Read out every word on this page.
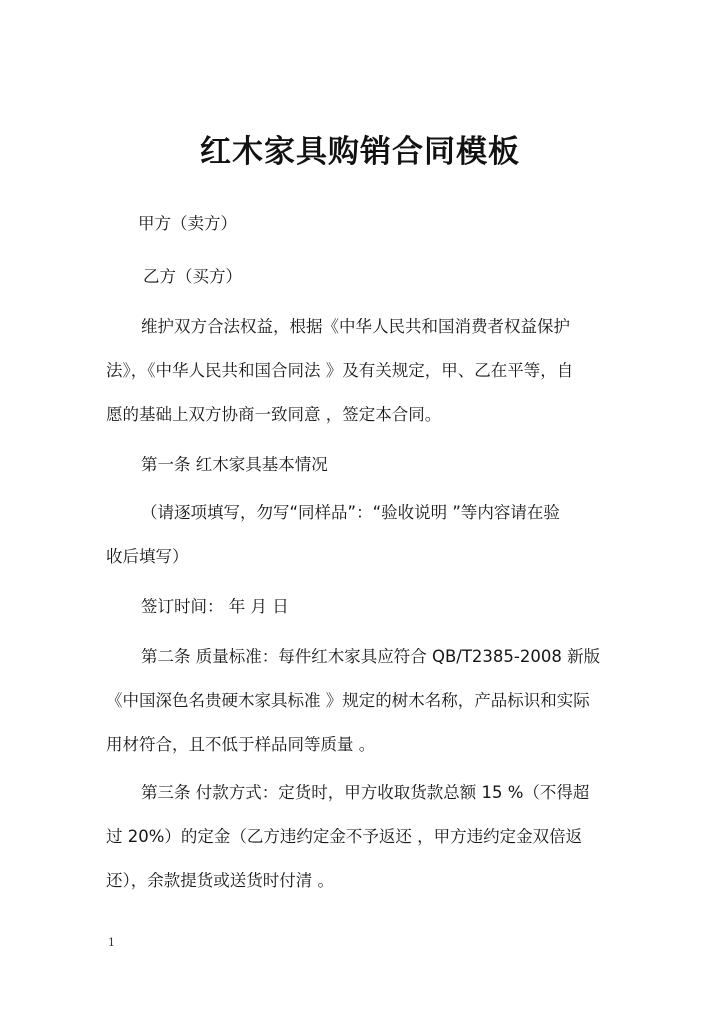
红木家具购销合同模板
甲方（卖方）
乙方（买方）
维护双方合法权益，根据《中华人民共和国消费者权益保护
法》，《中华人民共和国合同法 》及有关规定，甲、乙在平等，自
愿的基础上双方协商一致同意 ，签定本合同。
第一条 红木家具基本情况
（请逐项填写，勿写“同样品”：“验收说明 ”等内容请在验
收后填写）
签订时间： 年 月 日
第二条 质量标准：每件红木家具应符合 QB/T2385-2008 新版
《中国深色名贵硬木家具标准 》规定的树木名称，产品标识和实际
用材符合，且不低于样品同等质量 。
第三条 付款方式：定货时，甲方收取货款总额 15 %（不得超
过 20%）的定金（乙方违约定金不予返还 ，甲方违约定金双倍返
还），余款提货或送货时付清 。
1
